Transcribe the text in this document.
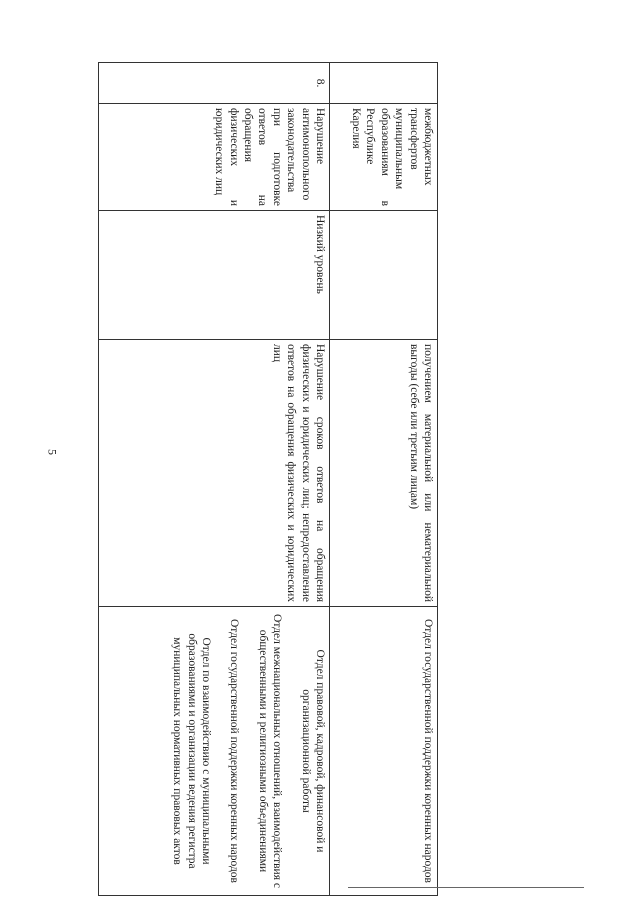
5
	межбюджетных трансфертов муниципальным образованиям в Республике Карелия		получением материальной или нематериальной выгоды (себе или третьим лицам)	Отдел государственной поддержки коренных народов

8.	Нарушение антимонопольного законодательства при подготовке ответов на обращения физических и юридических лиц	Низкий уровень	Нарушение сроков ответов на обращения физических и юридических лиц; непредоставление ответов на обращения физических и юридических лиц	Отдел правовой, кадровой, финансовой и организационной работы
Отдел межнациональных отношений, взаимодействия с общественными и религиозными объединениями
Отдел государственной поддержки коренных народов
Отдел по взаимодействию с муниципальными образованиями и организации ведения регистра муниципальных нормативных правовых актов
